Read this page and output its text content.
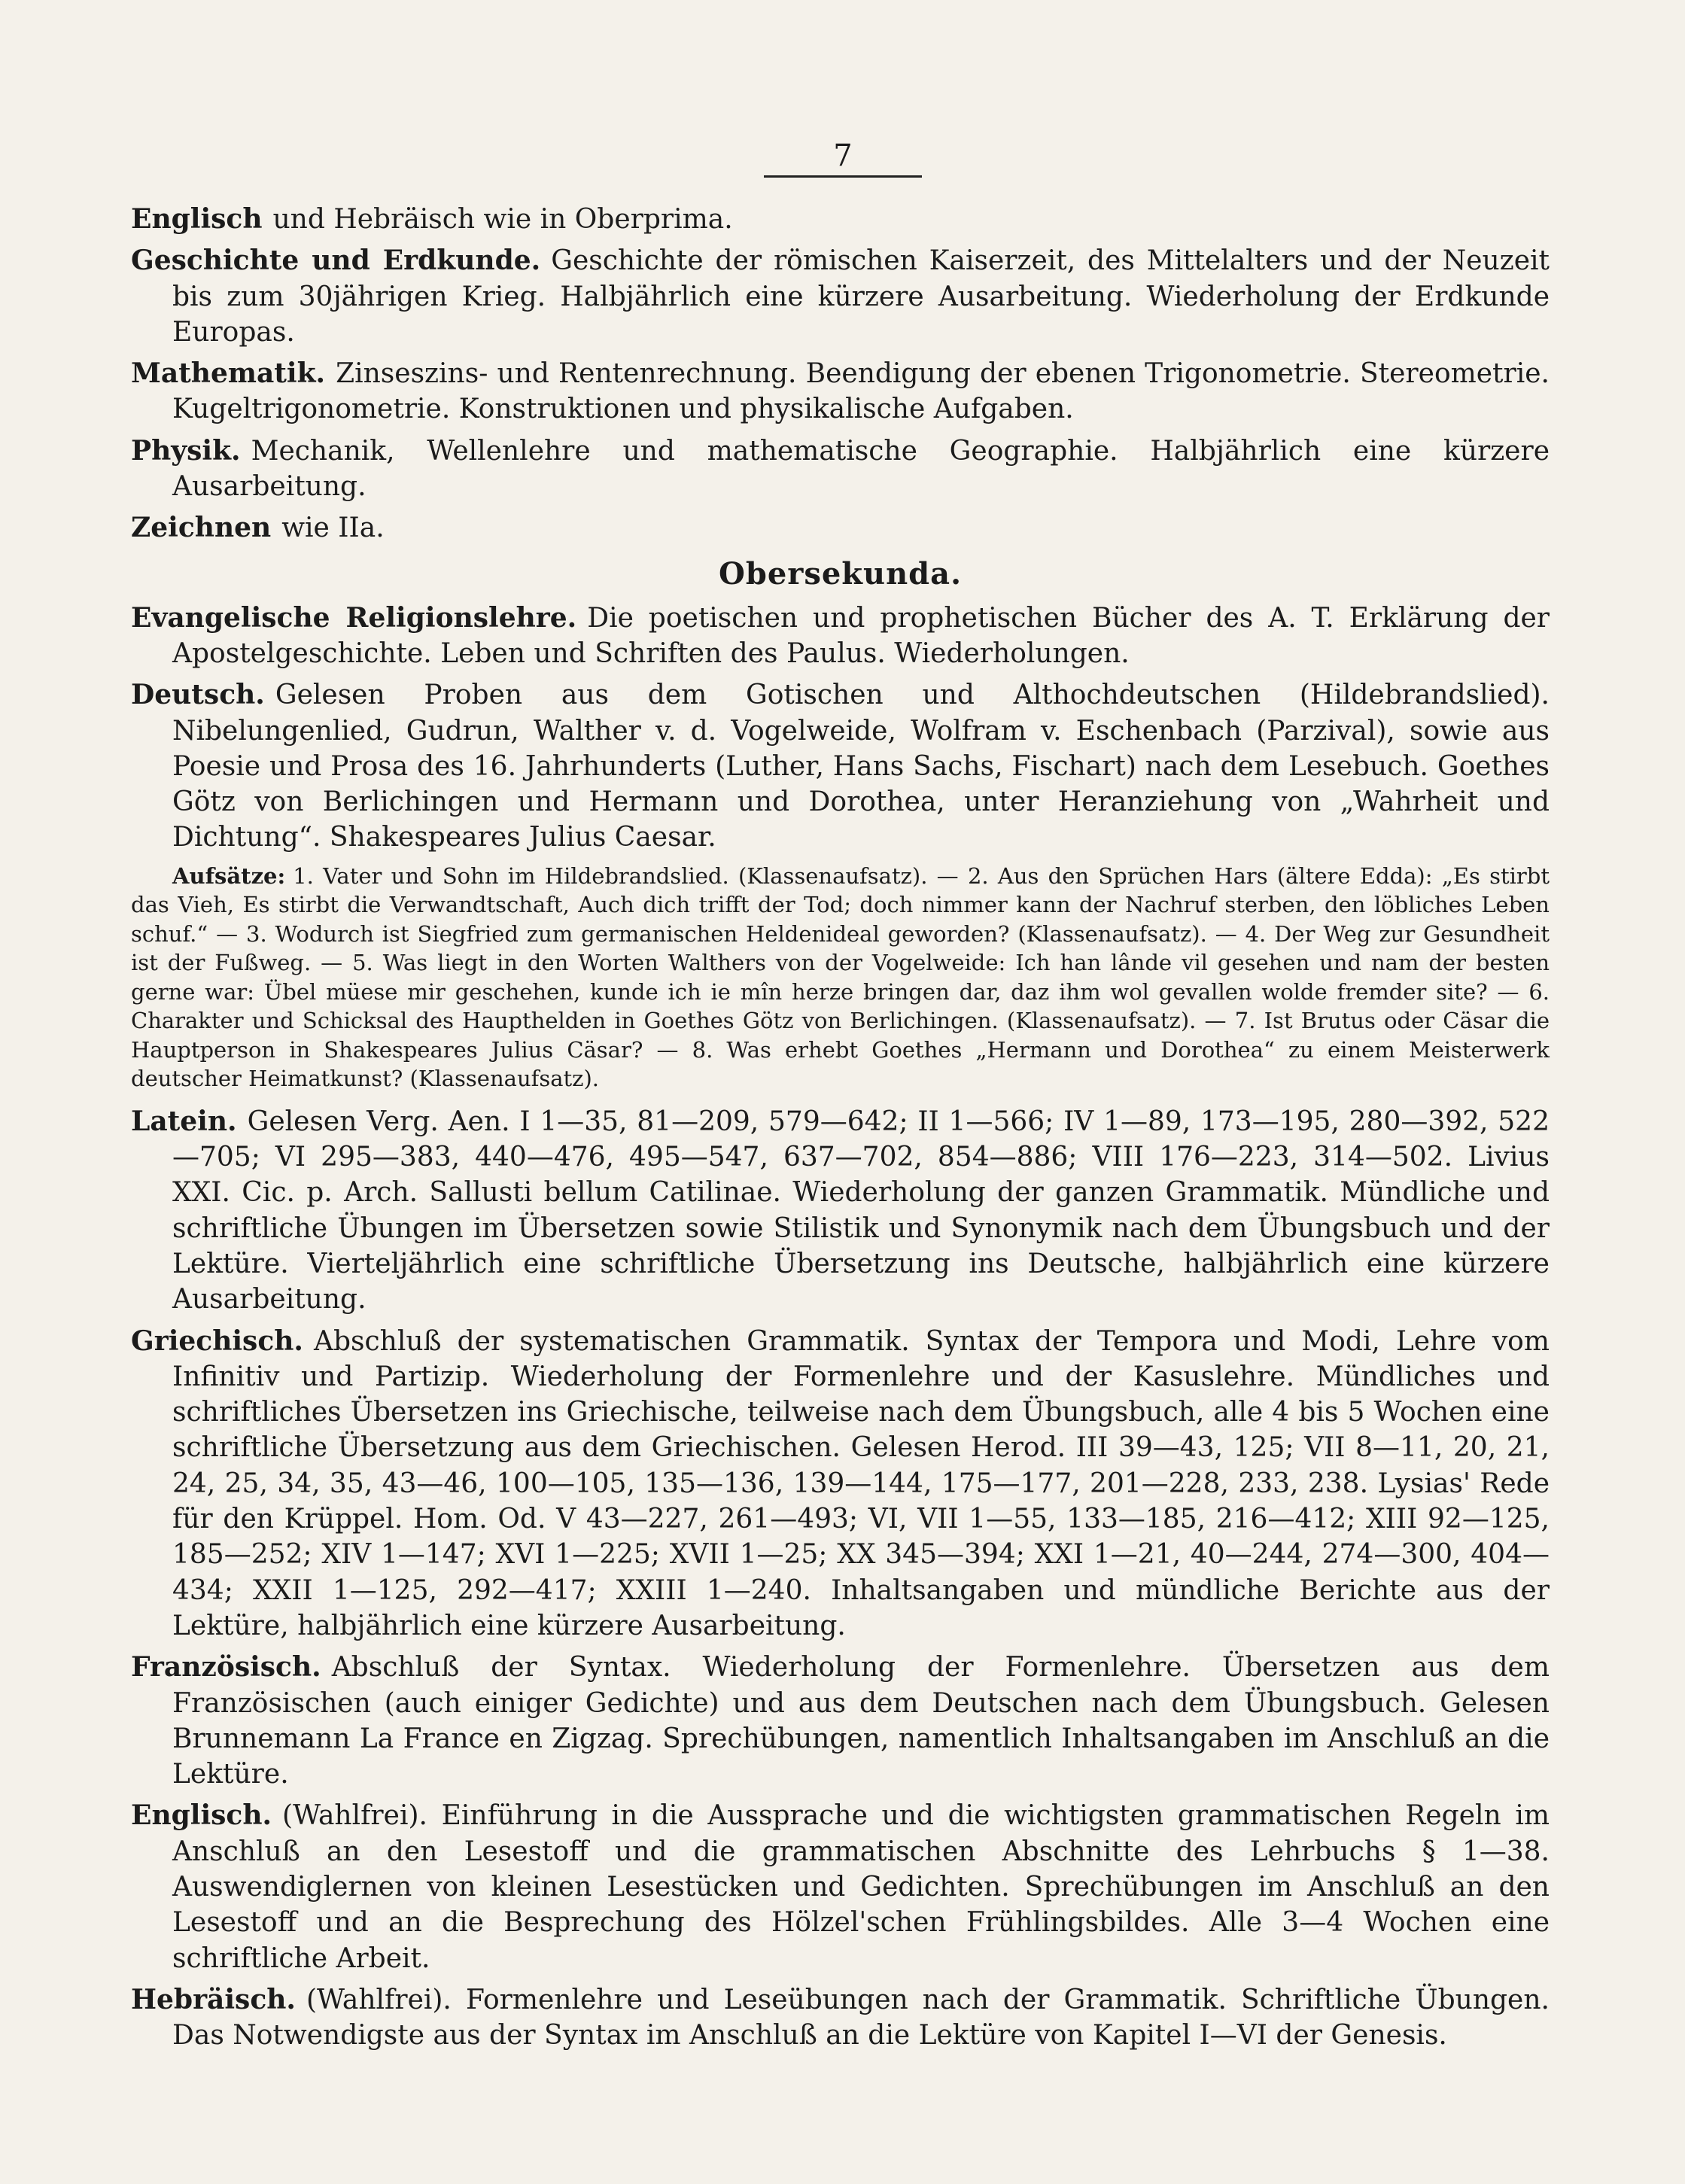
7

Englisch und Hebräisch wie in Oberprima.

Geschichte und Erdkunde. Geschichte der römischen Kaiserzeit, des Mittelalters und der Neuzeit bis zum 30jährigen Krieg. Halbjährlich eine kürzere Ausarbeitung. Wiederholung der Erdkunde Europas.

Mathematik. Zinseszins- und Rentenrechnung. Beendigung der ebenen Trigonometrie. Stereometrie. Kugeltrigonometrie. Konstruktionen und physikalische Aufgaben.

Physik. Mechanik, Wellenlehre und mathematische Geographie. Halbjährlich eine kürzere Ausarbeitung.

Zeichnen wie IIa.

Obersekunda.

Evangelische Religionslehre. Die poetischen und prophetischen Bücher des A. T. Erklärung der Apostelgeschichte. Leben und Schriften des Paulus. Wiederholungen.

Deutsch. Gelesen Proben aus dem Gotischen und Althochdeutschen (Hildebrandslied). Nibelungenlied, Gudrun, Walther v. d. Vogelweide, Wolfram v. Eschenbach (Parzival), sowie aus Poesie und Prosa des 16. Jahrhunderts (Luther, Hans Sachs, Fischart) nach dem Lesebuch. Goethes Götz von Berlichingen und Hermann und Dorothea, unter Heranziehung von „Wahrheit und Dichtung“. Shakespeares Julius Caesar.

Aufsätze: 1. Vater und Sohn im Hildebrandslied. (Klassenaufsatz). — 2. Aus den Sprüchen Hars (ältere Edda): „Es stirbt das Vieh, Es stirbt die Verwandtschaft, Auch dich trifft der Tod; doch nimmer kann der Nachruf sterben, den löbliches Leben schuf.“ — 3. Wodurch ist Siegfried zum germanischen Heldenideal geworden? (Klassenaufsatz). — 4. Der Weg zur Gesundheit ist der Fußweg. — 5. Was liegt in den Worten Walthers von der Vogelweide: Ich han lânde vil gesehen und nam der besten gerne war: Übel müese mir geschehen, kunde ich ie mîn herze bringen dar, daz ihm wol gevallen wolde fremder site? — 6. Charakter und Schicksal des Haupthelden in Goethes Götz von Berlichingen. (Klassenaufsatz). — 7. Ist Brutus oder Cäsar die Hauptperson in Shakespeares Julius Cäsar? — 8. Was erhebt Goethes „Hermann und Dorothea“ zu einem Meisterwerk deutscher Heimatkunst? (Klassenaufsatz).

Latein. Gelesen Verg. Aen. I 1—35, 81—209, 579—642; II 1—566; IV 1—89, 173—195, 280—392, 522—705; VI 295—383, 440—476, 495—547, 637—702, 854—886; VIII 176—223, 314—502. Livius XXI. Cic. p. Arch. Sallusti bellum Catilinae. Wiederholung der ganzen Grammatik. Mündliche und schriftliche Übungen im Übersetzen sowie Stilistik und Synonymik nach dem Übungsbuch und der Lektüre. Vierteljährlich eine schriftliche Übersetzung ins Deutsche, halbjährlich eine kürzere Ausarbeitung.

Griechisch. Abschluß der systematischen Grammatik. Syntax der Tempora und Modi, Lehre vom Infinitiv und Partizip. Wiederholung der Formenlehre und der Kasuslehre. Mündliches und schriftliches Übersetzen ins Griechische, teilweise nach dem Übungsbuch, alle 4 bis 5 Wochen eine schriftliche Übersetzung aus dem Griechischen. Gelesen Herod. III 39—43, 125; VII 8—11, 20, 21, 24, 25, 34, 35, 43—46, 100—105, 135—136, 139—144, 175—177, 201—228, 233, 238. Lysias' Rede für den Krüppel. Hom. Od. V 43—227, 261—493; VI, VII 1—55, 133—185, 216—412; XIII 92—125, 185—252; XIV 1—147; XVI 1—225; XVII 1—25; XX 345—394; XXI 1—21, 40—244, 274—300, 404—434; XXII 1—125, 292—417; XXIII 1—240. Inhaltsangaben und mündliche Berichte aus der Lektüre, halbjährlich eine kürzere Ausarbeitung.

Französisch. Abschluß der Syntax. Wiederholung der Formenlehre. Übersetzen aus dem Französischen (auch einiger Gedichte) und aus dem Deutschen nach dem Übungsbuch. Gelesen Brunnemann La France en Zigzag. Sprechübungen, namentlich Inhaltsangaben im Anschluß an die Lektüre.

Englisch. (Wahlfrei). Einführung in die Aussprache und die wichtigsten grammatischen Regeln im Anschluß an den Lesestoff und die grammatischen Abschnitte des Lehrbuchs § 1—38. Auswendiglernen von kleinen Lesestücken und Gedichten. Sprechübungen im Anschluß an den Lesestoff und an die Besprechung des Hölzel'schen Frühlingsbildes. Alle 3—4 Wochen eine schriftliche Arbeit.

Hebräisch. (Wahlfrei). Formenlehre und Leseübungen nach der Grammatik. Schriftliche Übungen. Das Notwendigste aus der Syntax im Anschluß an die Lektüre von Kapitel I—VI der Genesis.
